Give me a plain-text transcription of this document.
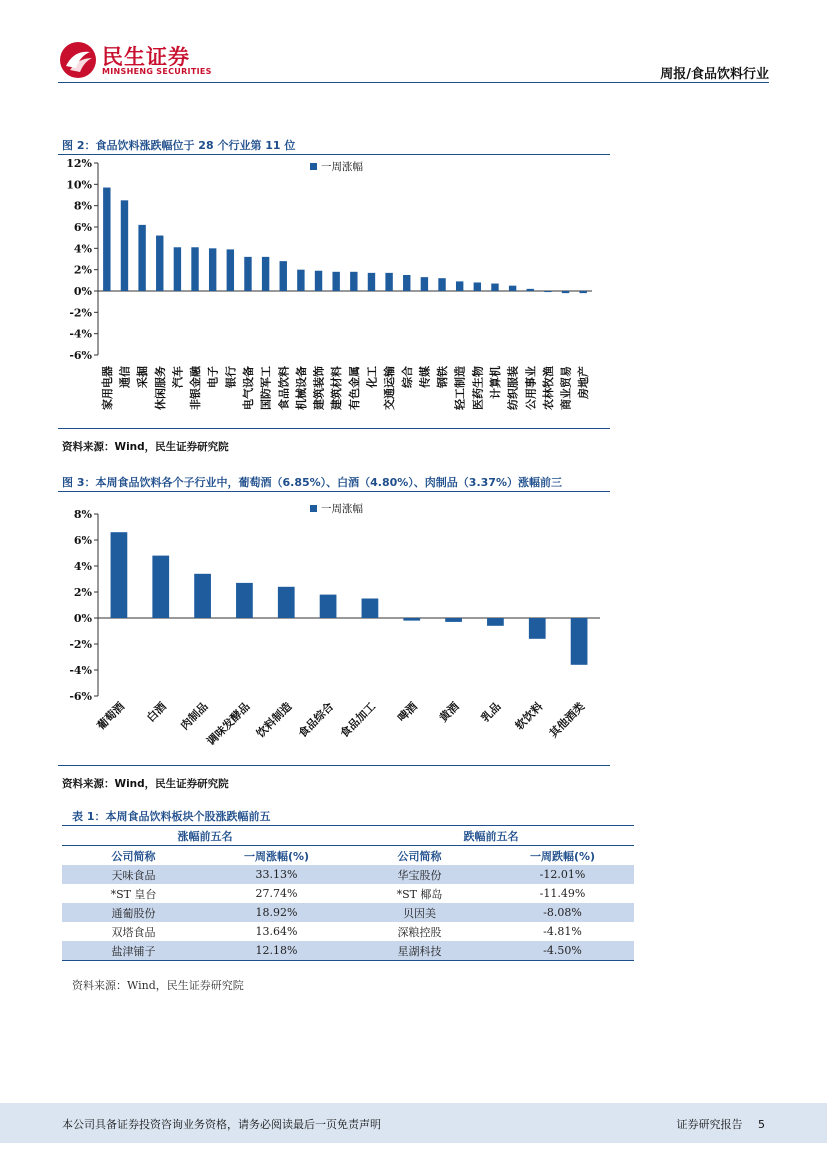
民生证券
MINSHENG SECURITIES	周报/食品饮料行业
图 2：食品饮料涨跌幅位于 28 个行业第 11 位
12%
10%
8%
6%
4%
2%
0%
-2%
-4%
-6%
家用电器 通信 采掘 休闲服务 汽车 非银金融 电子 银行 电气设备 国防军工 食品饮料 机械设备 建筑装饰 建筑材料 有色金属 化工 交通运输 综合 传媒 钢铁 轻工制造 医药生物 计算机 纺织服装 公用事业 农林牧渔 商业贸易 房地产
一周涨幅
资料来源：Wind，民生证券研究院
图 3：本周食品饮料各个子行业中，葡萄酒（6.85%）、白酒（4.80%）、肉制品（3.37%）涨幅前三
8%
6%
4%
2%
0%
-2%
-4%
-6%
葡萄酒 白酒 肉制品
调味发酵品 饮料制造 食品综合 食品加工 啤酒 黄酒 乳品 软饮料 其他酒类
一周涨幅
资料来源：Wind，民生证券研究院
表 1：本周食品饮料板块个股涨跌幅前五
涨幅前五名		跌幅前五名	
公司简称	一周涨幅(%)	公司简称	一周跌幅(%)
天味食品	33.13%	华宝股份	-12.01%
*ST 皇台	27.74%	*ST 椰岛	-11.49%
通葡股份	18.92%	贝因美	-8.08%
双塔食品	13.64%	深粮控股	-4.81%
盐津铺子	12.18%	星湖科技	-4.50%
资料来源：Wind，民生证券研究院
本公司具备证券投资咨询业务资格，请务必阅读最后一页免责声明	证券研究报告 5
